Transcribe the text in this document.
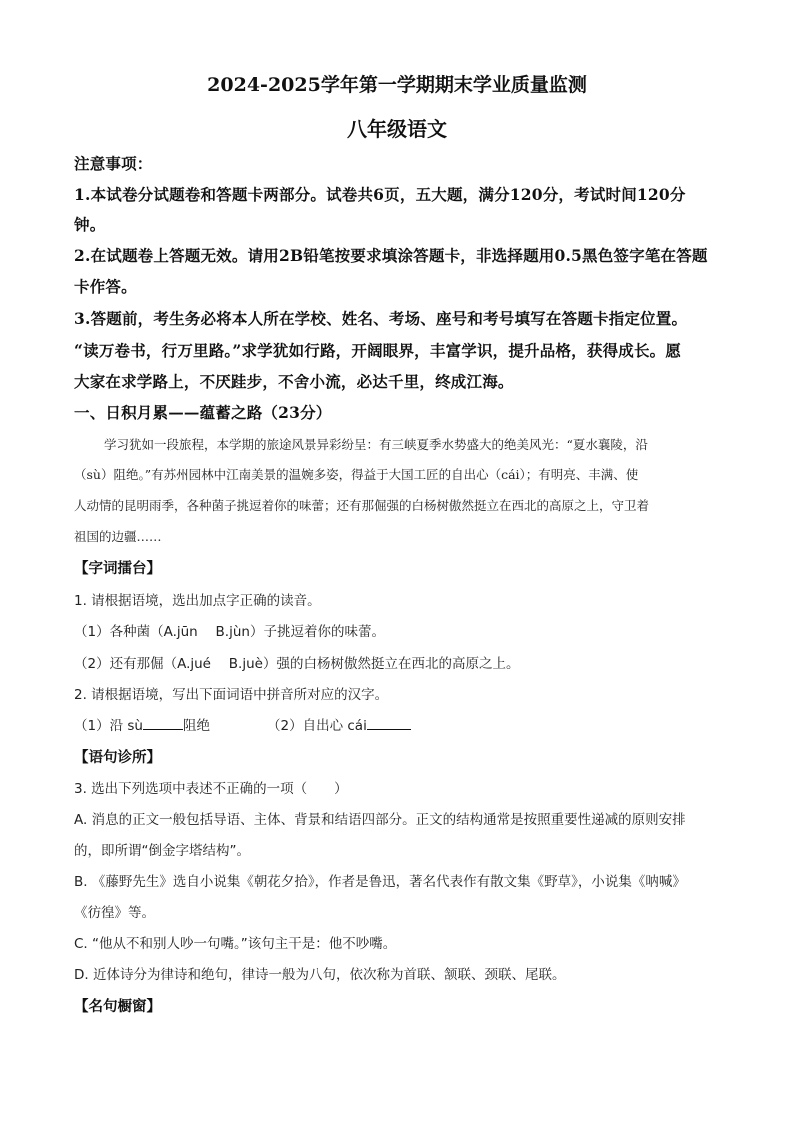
2024-2025学年第一学期期末学业质量监测
八年级语文
注意事项：
1.本试卷分试题卷和答题卡两部分。试卷共6页，五大题，满分120分，考试时间120分
钟。
2.在试题卷上答题无效。请用2B铅笔按要求填涂答题卡，非选择题用0.5黑色签字笔在答题
卡作答。
3.答题前，考生务必将本人所在学校、姓名、考场、座号和考号填写在答题卡指定位置。
“读万卷书，行万里路。”求学犹如行路，开阔眼界，丰富学识，提升品格，获得成长。愿
大家在求学路上，不厌跬步，不舍小流，必达千里，终成江海。
一、日积月累——蕴蓄之路（23分）
学习犹如一段旅程，本学期的旅途风景异彩纷呈：有三峡夏季水势盛大的绝美风光：“夏水襄陵，沿
（sù）阻绝。”有苏州园林中江南美景的温婉多姿，得益于大国工匠的自出心（cái）；有明亮、丰满、使
人动情的昆明雨季，各种菌子挑逗着你的味蕾；还有那倔强的白杨树傲然挺立在西北的高原之上，守卫着
祖国的边疆……
【字词擂台】
1. 请根据语境，选出加点字正确的读音。
（1）各种菌（A.jūn　 B.jùn）子挑逗着你的味蕾。
（2）还有那倔（A.jué　 B.juè）强的白杨树傲然挺立在西北的高原之上。
2. 请根据语境，写出下面词语中拼音所对应的汉字。
（1）沿 sù	阻绝	（2）自出心 cái
【语句诊所】
3. 选出下列选项中表述不正确的一项（　　）
A. 消息的正文一般包括导语、主体、背景和结语四部分。正文的结构通常是按照重要性递减的原则安排
的，即所谓“倒金字塔结构”。
B. 《藤野先生》选自小说集《朝花夕拾》，作者是鲁迅，著名代表作有散文集《野草》，小说集《呐喊》
《彷徨》等。
C. “他从不和别人吵一句嘴。”该句主干是：他不吵嘴。
D. 近体诗分为律诗和绝句，律诗一般为八句，依次称为首联、颔联、颈联、尾联。
【名句橱窗】
